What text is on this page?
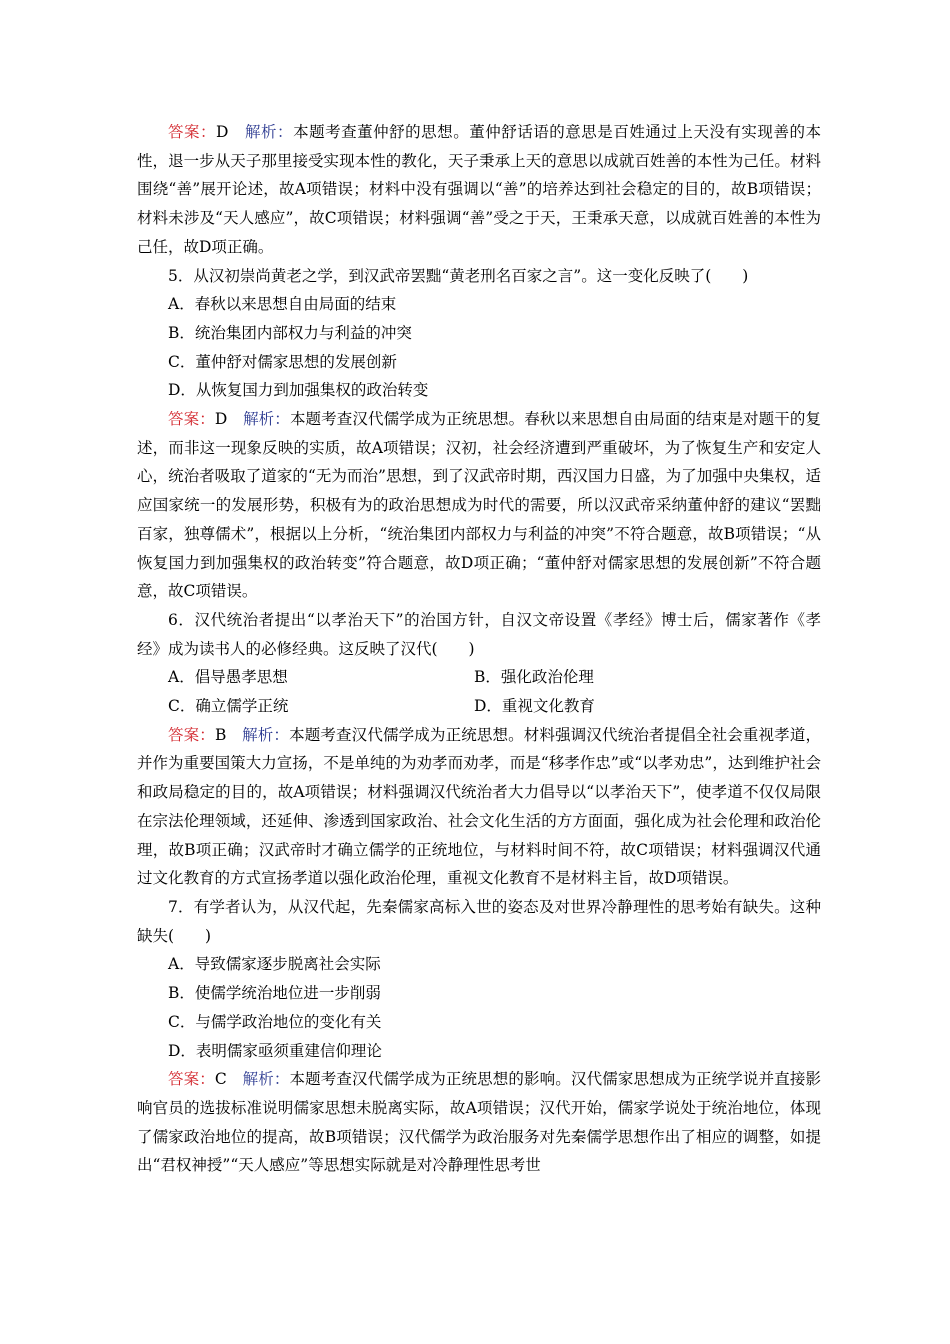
答案：D　 解析：本题考查董仲舒的思想。董仲舒话语的意思是百姓通过上天没有实现善的本性，退一步从天子那里接受实现本性的教化，天子秉承上天的意思以成就百姓善的本性为己任。材料围绕“善”展开论述，故A项错误；材料中没有强调以“善”的培养达到社会稳定的目的，故B项错误；材料未涉及“天人感应”，故C项错误；材料强调“善”受之于天，王秉承天意，以成就百姓善的本性为己任，故D项正确。

5．从汉初崇尚黄老之学，到汉武帝罢黜“黄老刑名百家之言”。这一变化反映了(　　)

A．春秋以来思想自由局面的结束

B．统治集团内部权力与利益的冲突

C．董仲舒对儒家思想的发展创新

D．从恢复国力到加强集权的政治转变

答案：D　 解析：本题考查汉代儒学成为正统思想。春秋以来思想自由局面的结束是对题干的复述，而非这一现象反映的实质，故A项错误；汉初，社会经济遭到严重破坏，为了恢复生产和安定人心，统治者吸取了道家的“无为而治”思想，到了汉武帝时期，西汉国力日盛，为了加强中央集权，适应国家统一的发展形势，积极有为的政治思想成为时代的需要，所以汉武帝采纳董仲舒的建议“罢黜百家，独尊儒术”，根据以上分析，“统治集团内部权力与利益的冲突”不符合题意，故B项错误；“从恢复国力到加强集权的政治转变”符合题意，故D项正确；“董仲舒对儒家思想的发展创新”不符合题意，故C项错误。

6．汉代统治者提出“以孝治天下”的治国方针，自汉文帝设置《孝经》博士后，儒家著作《孝经》成为读书人的必修经典。这反映了汉代(　　)

A．倡导愚孝思想	B．强化政治伦理
C．确立儒学正统	D．重视文化教育

答案：B　 解析：本题考查汉代儒学成为正统思想。材料强调汉代统治者提倡全社会重视孝道，并作为重要国策大力宣扬，不是单纯的为劝孝而劝孝，而是“移孝作忠”或“以孝劝忠”，达到维护社会和政局稳定的目的，故A项错误；材料强调汉代统治者大力倡导以“以孝治天下”，使孝道不仅仅局限在宗法伦理领域，还延伸、渗透到国家政治、社会文化生活的方方面面，强化成为社会伦理和政治伦理，故B项正确；汉武帝时才确立儒学的正统地位，与材料时间不符，故C项错误；材料强调汉代通过文化教育的方式宣扬孝道以强化政治伦理，重视文化教育不是材料主旨，故D项错误。

7．有学者认为，从汉代起，先秦儒家高标入世的姿态及对世界冷静理性的思考始有缺失。这种缺失(　　)

A．导致儒家逐步脱离社会实际

B．使儒学统治地位进一步削弱

C．与儒学政治地位的变化有关

D．表明儒家亟须重建信仰理论

答案：C　 解析：本题考查汉代儒学成为正统思想的影响。汉代儒家思想成为正统学说并直接影响官员的选拔标准说明儒家思想未脱离实际，故A项错误；汉代开始，儒家学说处于统治地位，体现了儒家政治地位的提高，故B项错误；汉代儒学为政治服务对先秦儒学思想作出了相应的调整，如提出“君权神授”“天人感应”等思想实际就是对冷静理性思考世
